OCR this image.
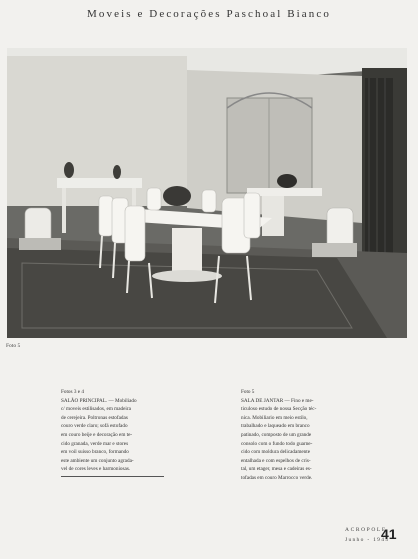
Moveis e Decorações Paschoal Bianco
Foto 5
Fotos 3 e 4
SALÃO PRINCIPAL. — Mobiliado
c/ moveis estilisados, em madeira
de cerejeira. Poltronas estofadas
couro verde claro; sofá estofado
em couro beije e decoração em te-
cido granada, verde mar e stores
em voil suisso branco, formando
este ambiente um conjunto agrada-
vel de cores leves e harmoniosas.
Foto 5
SALA DE JANTAR — Fino e me-
ticuloso estudo de nossa Secção téc-
nica. Mobiliario em meio estilo,
trabalhado e laqueado em branco
patinado, composto de um grande
consolo com o fundo todo guarne-
cido com moldura delicadamente
entalhada e com espelhos de cris-
tal, um etager, mesa e cadeiras es-
tofadas em couro Marrocco verde.
ACROPOLE
Junho - 1945
41
